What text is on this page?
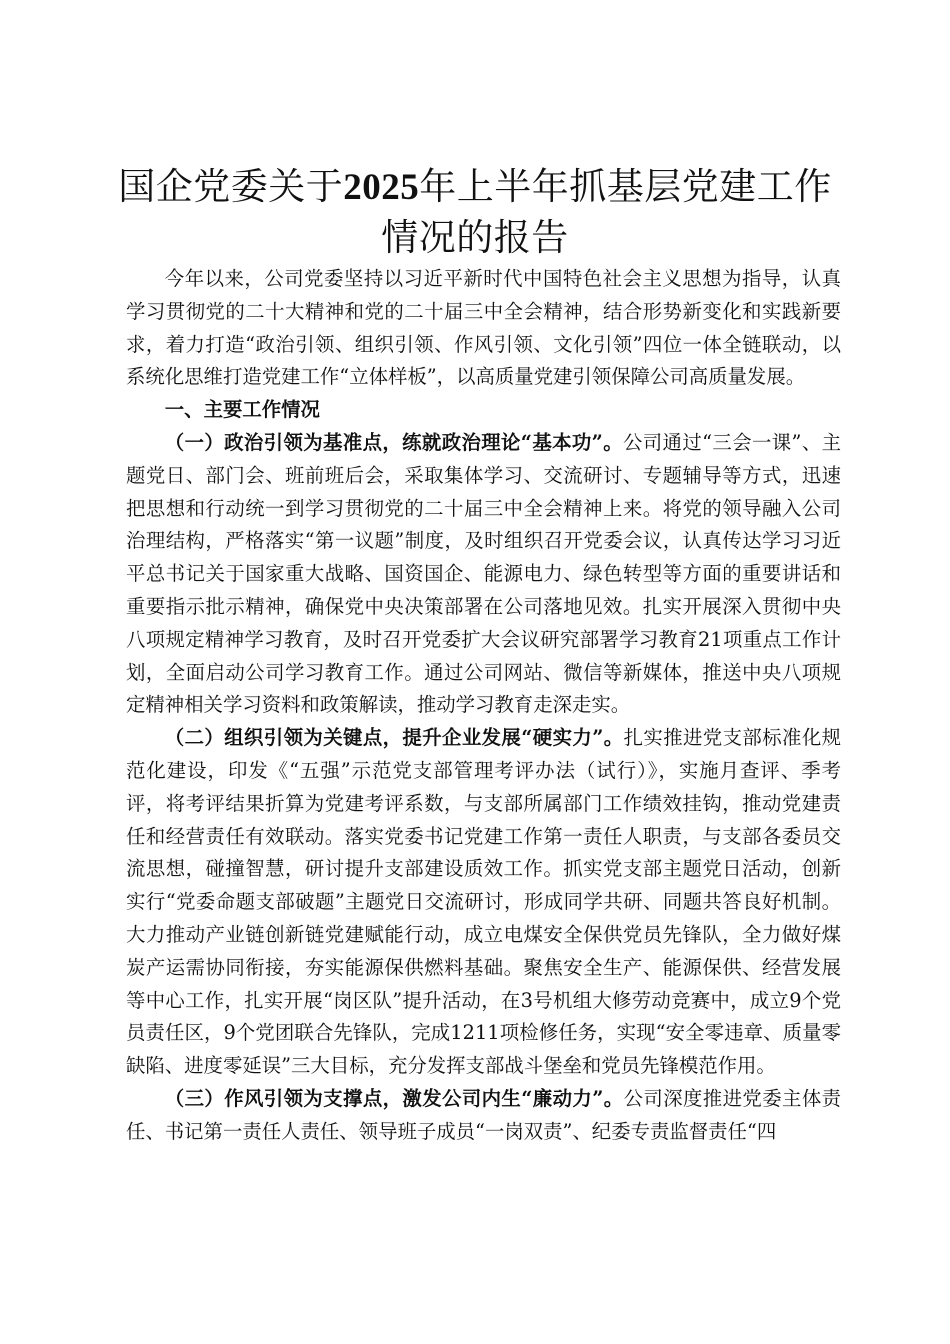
国企党委关于2025年上半年抓基层党建工作情况的报告

今年以来，公司党委坚持以习近平新时代中国特色社会主义思想为指导，认真学习贯彻党的二十大精神和党的二十届三中全会精神，结合形势新变化和实践新要求，着力打造“政治引领、组织引领、作风引领、文化引领”四位一体全链联动，以系统化思维打造党建工作“立体样板”，以高质量党建引领保障公司高质量发展。

一、主要工作情况

（一）政治引领为基准点，练就政治理论“基本功”。公司通过“三会一课”、主题党日、部门会、班前班后会，采取集体学习、交流研讨、专题辅导等方式，迅速把思想和行动统一到学习贯彻党的二十届三中全会精神上来。将党的领导融入公司治理结构，严格落实“第一议题”制度，及时组织召开党委会议，认真传达学习习近平总书记关于国家重大战略、国资国企、能源电力、绿色转型等方面的重要讲话和重要指示批示精神，确保党中央决策部署在公司落地见效。扎实开展深入贯彻中央八项规定精神学习教育，及时召开党委扩大会议研究部署学习教育21项重点工作计划，全面启动公司学习教育工作。通过公司网站、微信等新媒体，推送中央八项规定精神相关学习资料和政策解读，推动学习教育走深走实。

（二）组织引领为关键点，提升企业发展“硬实力”。扎实推进党支部标准化规范化建设，印发《“五强”示范党支部管理考评办法（试行）》，实施月查评、季考评，将考评结果折算为党建考评系数，与支部所属部门工作绩效挂钩，推动党建责任和经营责任有效联动。落实党委书记党建工作第一责任人职责，与支部各委员交流思想，碰撞智慧，研讨提升支部建设质效工作。抓实党支部主题党日活动，创新实行“党委命题支部破题”主题党日交流研讨，形成同学共研、同题共答良好机制。大力推动产业链创新链党建赋能行动，成立电煤安全保供党员先锋队，全力做好煤炭产运需协同衔接，夯实能源保供燃料基础。聚焦安全生产、能源保供、经营发展等中心工作，扎实开展“岗区队”提升活动，在3号机组大修劳动竞赛中，成立9个党员责任区，9个党团联合先锋队，完成1211项检修任务，实现“安全零违章、质量零缺陷、进度零延误”三大目标，充分发挥支部战斗堡垒和党员先锋模范作用。

（三）作风引领为支撑点，激发公司内生“廉动力”。公司深度推进党委主体责任、书记第一责任人责任、领导班子成员“一岗双责”、纪委专责监督责任“四
